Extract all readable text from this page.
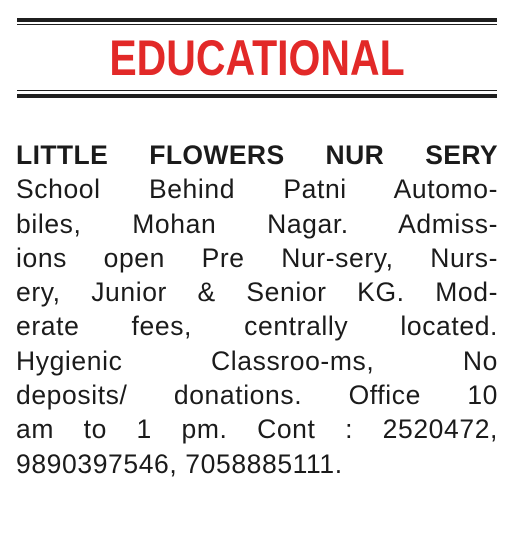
EDUCATIONAL
LITTLE FLOWERS NUR SERY
School Behind Patni Automo-
biles, Mohan Nagar. Admiss-
ions open Pre Nur-sery, Nurs-
ery, Junior & Senior KG. Mod-
erate fees, centrally located.
Hygienic Classroo-ms, No
deposits/ donations. Office 10
am to 1 pm. Cont : 2520472,
9890397546, 7058885111.
